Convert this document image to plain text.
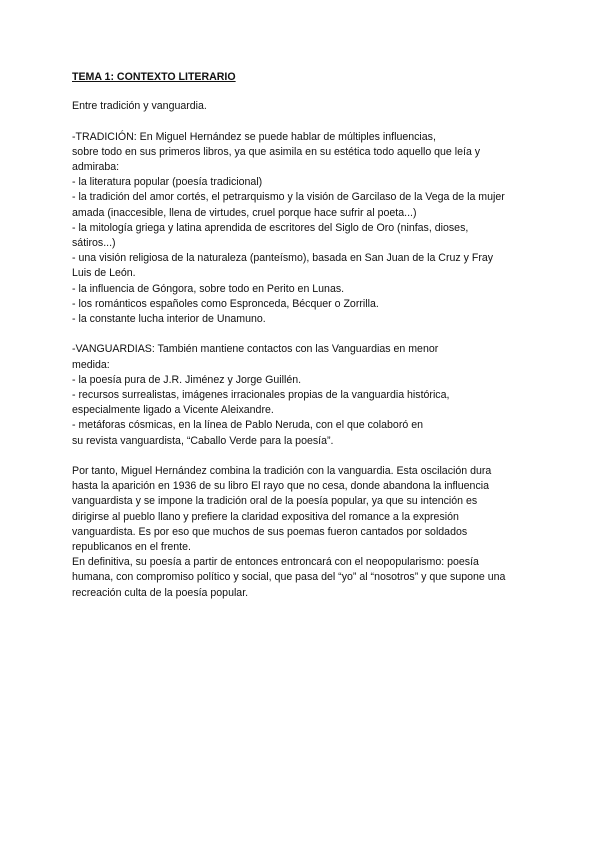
TEMA 1: CONTEXTO LITERARIO
Entre tradición y vanguardia.
-TRADICIÓN: En Miguel Hernández se puede hablar de múltiples influencias,
sobre todo en sus primeros libros, ya que asimila en su estética todo aquello que leía y
admiraba:
- la literatura popular (poesía tradicional)
- la tradición del amor cortés, el petrarquismo y la visión de Garcilaso de la Vega de la mujer
amada (inaccesible, llena de virtudes, cruel porque hace sufrir al poeta...)
- la mitología griega y latina aprendida de escritores del Siglo de Oro (ninfas, dioses,
sátiros...)
- una visión religiosa de la naturaleza (panteísmo), basada en San Juan de la Cruz y Fray
Luis de León.
- la influencia de Góngora, sobre todo en Perito en Lunas.
- los románticos españoles como Espronceda, Bécquer o Zorrilla.
- la constante lucha interior de Unamuno.
-VANGUARDIAS: También mantiene contactos con las Vanguardias en menor
medida:
- la poesía pura de J.R. Jiménez y Jorge Guillén.
- recursos surrealistas, imágenes irracionales propias de la vanguardia histórica,
especialmente ligado a Vicente Aleixandre.
- metáforas cósmicas, en la línea de Pablo Neruda, con el que colaboró en
su revista vanguardista, “Caballo Verde para la poesía”.
Por tanto, Miguel Hernández combina la tradición con la vanguardia. Esta oscilación dura
hasta la aparición en 1936 de su libro El rayo que no cesa, donde abandona la influencia
vanguardista y se impone la tradición oral de la poesía popular, ya que su intención es
dirigirse al pueblo llano y prefiere la claridad expositiva del romance a la expresión
vanguardista. Es por eso que muchos de sus poemas fueron cantados por soldados
republicanos en el frente.
En definitiva, su poesía a partir de entonces entroncará con el neopopularismo: poesía
humana, con compromiso político y social, que pasa del “yo” al “nosotros” y que supone una
recreación culta de la poesía popular.
